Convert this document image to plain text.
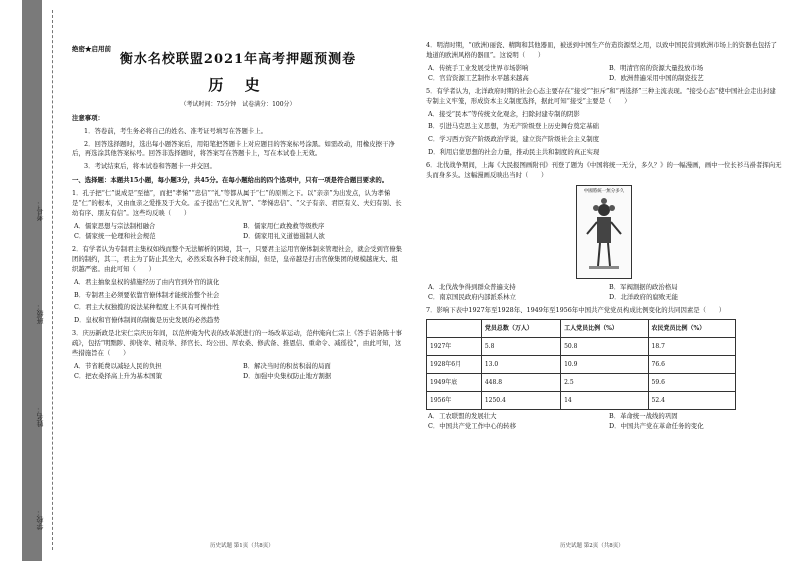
考号：
班级：
姓名：
学校：
绝密★启用前
衡水名校联盟2021年高考押题预测卷
历 史
（考试时间：75分钟　试卷满分：100分）
注意事项：
1．答卷前，考生务必将自己的姓名、准考证号填写在答题卡上。
2．回答选择题时，选出每小题答案后，用铅笔把答题卡上对应题目的答案标号涂黑。如需改动，用橡皮擦干净后，再选涂其他答案标号。回答非选择题时，将答案写在答题卡上，写在本试卷上无效。
3．考试结束后，将本试卷和答题卡一并交回。
一、选择题：本题共15小题，每小题3分，共45分。在每小题给出的四个选项中，只有一项是符合题目要求的。
1．孔子把“仁”说成是“至德”，而把“孝悌”“忠信”“礼”等都从属于“仁”的原则之下。以“亲亲”为出发点，认为孝悌是“仁”的根本，又由血亲之爱推及于大众。孟子提出“仁义礼智”、“孝悌忠信”、“父子有亲、君臣有义、夫妇有别、长幼有序、朋友有信”。这些均反映（　　）
A．儒家思想与宗法制相融合	B．儒家用仁政挽救等级秩序
C．儒家统一伦理和社会规范	D．儒家用礼义道德遏制人欲
2．有学者认为专制君主集权如线而整个无法解析的困境，其一，只要君主运用官僚体制来管理社会，就会受到官僚集团的制约，其二，君主为了防止其坐大，必然采取各种手段来削弱，但是，皇帝越是打击官僚集团的规模越庞大、组织越严密。由此可知（　　）
A．君主抽象皇权的措施经历了由内官到外官的演化
B．专制君主必须要依靠官僚体制才能统治整个社会
C．君主大权独揽的说法某种程度上不具有可操作性
D．皇权和官僚体制间的制衡是历史发展的必然趋势
3．庆历新政是北宋仁宗庆历年间，以范仲淹为代表的改革派进行的一场改革运动，范仲淹向仁宗上《答手诏条陈十事疏》，包括“明黜陟、抑侥幸、精贡举、择官长、均公田、厚农桑、修武备、推恩信、重命令、减徭役”，由此可知，这些措施旨在（　　）
A．节省耗费以减轻人民的负担	B．解决当时的积贫积弱的局面
C．把农桑择高上升为基本国策	D．加强中央集权防止地方割据
历史试题 第1页（共8页）
4．明清时期，“(欧洲)丽瓷、精陶和其他器皿，被送到中国生产仿造资源型之用，以致中国民营到欧洲市场上的资器也包括了地道的欧洲风格的器皿”。这说明（　　）
A．传统手工业发展受世界市场影响	B．明清官窑的资源大量投放市场
C．官营资源工艺制作水平越来越高	D．欧洲普遍采用中国的制瓷技艺
5．有学者认为，北洋政府时期的社会心态主要存在“接受”“拒斥”和“再选择”三种主流表现。“接受心态”使中国社会走出封建专制主义牢笼，形成资本主义制度选择，据此可知“接受”主要是（　　）
A．接受“民本”等传统文化观念，扫除封建专制的阴影
B．引进马克思主义思想，为无产阶级登上历史舞台奠定基础
C．学习西方资产阶级政治学说，建立资产阶级社会主义制度
D．利用启蒙思想的社会力量，推动民主共和制度的真正实现
6．北伐战争期间，上海《大民报图画附刊》刊登了题为《中国将统一无分，多久？》的一幅漫画，画中一位长衫马褂者挥向无头而身多头。这幅漫画反映出当时（　　）
中國將統一無分多久
A．北伐战争得到群众普遍支持	B．军阀割据的政治格局
C．南京国民政府内部派系林立	D．北洋政府的腐败无能
7．影响下表中1927年至1928年、1949年至1956年中国共产党党员构成比例变化的共同因素是（　　）
	党员总数（万人）	工人党员比例（%）	农民党员比例（%）
1927年	5.8	50.8	18.7
1928年6月	13.0	10.9	76.6
1949年底	448.8	2.5	59.6
1956年	1250.4	14	52.4
A．工农联盟的发展壮大	B．革命统一战线的巩固
C．中国共产党工作中心的转移	D．中国共产党在革命任务的变化
历史试题 第2页（共8页）
